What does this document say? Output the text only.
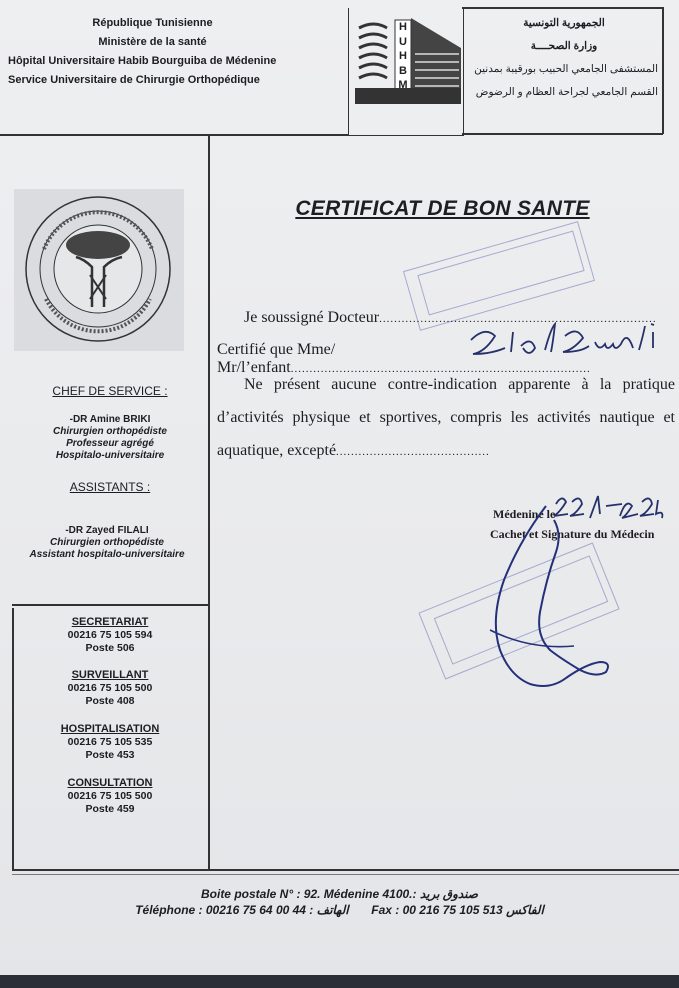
République Tunisienne
Ministère de la santé
Hôpital Universitaire Habib Bourguiba de Médenine
Service Universitaire de Chirurgie Orthopédique
H
U
H
B
M
الجمهورية التونسية
وزارة الصحــــة
المستشفى الجامعي الحبيب بورقيبة بمدنين
القسم الجامعي لجراحة العظام و الرضوض
CHEF DE SERVICE :
-DR Amine BRIKI
Chirurgien orthopédiste
Professeur agrégé
Hospitalo-universitaire
ASSISTANTS :
-DR Zayed FILALI
Chirurgien orthopédiste
Assistant hospitalo-universitaire
SECRETARIAT
00216 75 105 594
Poste 506
SURVEILLANT
00216 75 105 500
Poste 408
HOSPITALISATION
00216 75 105 535
Poste 453
CONSULTATION
00216 75 105 500
Poste 459
CERTIFICAT DE BON SANTE
Je soussigné Docteur..........................................................................
Certifié que Mme/ Mr/l’enfant................................................................................
Ne présent aucune contre-indication apparente à la pratique d’activités physique et sportives, compris les activités nautique et aquatique, excepté.........................................
Médenine le
Cachet et Signature du Médecin
Boite postale N° : 92. Médenine 4100.: صندوق بريد
Téléphone : 00216 75 64 00 44 : الهاتف Fax : 00 216 75 105 513 الفاكس
